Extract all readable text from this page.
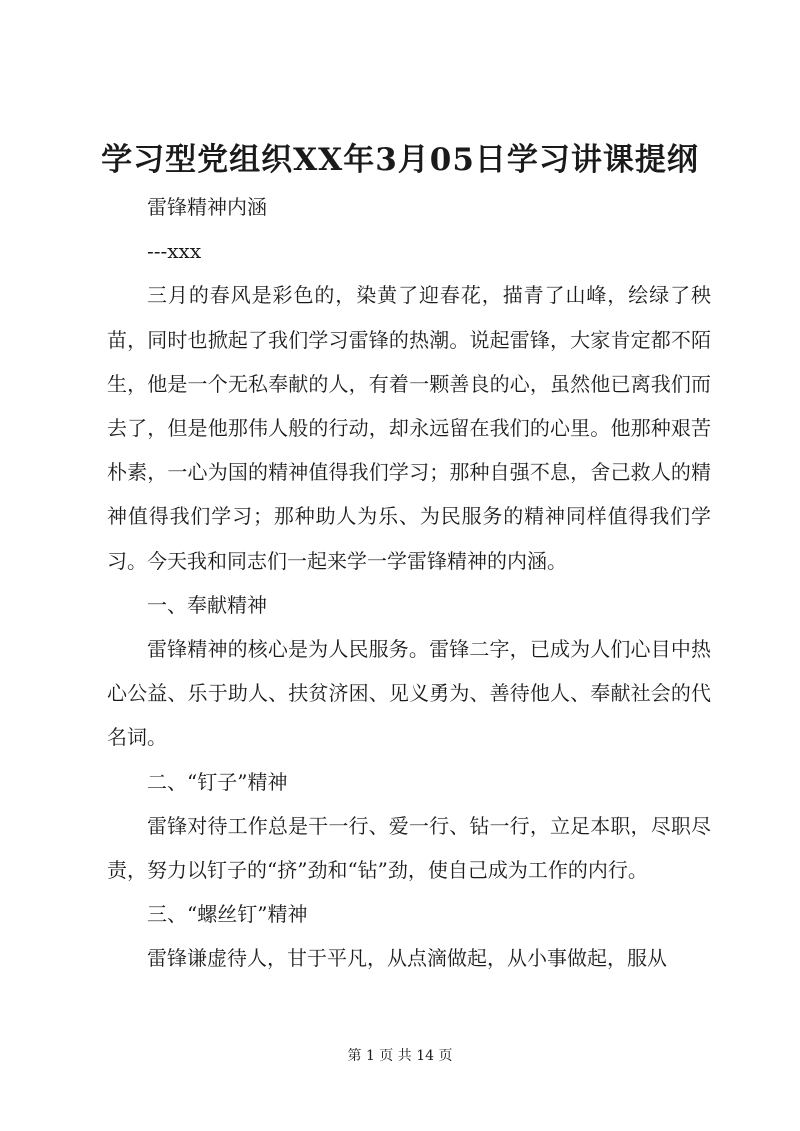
学习型党组织XX年3月05日学习讲课提纲

雷锋精神内涵

---xxx

三月的春风是彩色的，染黄了迎春花，描青了山峰，绘绿了秧苗，同时也掀起了我们学习雷锋的热潮。说起雷锋，大家肯定都不陌生，他是一个无私奉献的人，有着一颗善良的心，虽然他已离我们而去了，但是他那伟人般的行动，却永远留在我们的心里。他那种艰苦朴素，一心为国的精神值得我们学习；那种自强不息，舍己救人的精神值得我们学习；那种助人为乐、为民服务的精神同样值得我们学习。今天我和同志们一起来学一学雷锋精神的内涵。

一、奉献精神

雷锋精神的核心是为人民服务。雷锋二字，已成为人们心目中热心公益、乐于助人、扶贫济困、见义勇为、善待他人、奉献社会的代名词。

二、“钉子”精神

雷锋对待工作总是干一行、爱一行、钻一行，立足本职，尽职尽责，努力以钉子的“挤”劲和“钻”劲，使自己成为工作的内行。

三、“螺丝钉”精神

雷锋谦虚待人，甘于平凡，从点滴做起，从小事做起，服从

第 1 页 共 14 页
